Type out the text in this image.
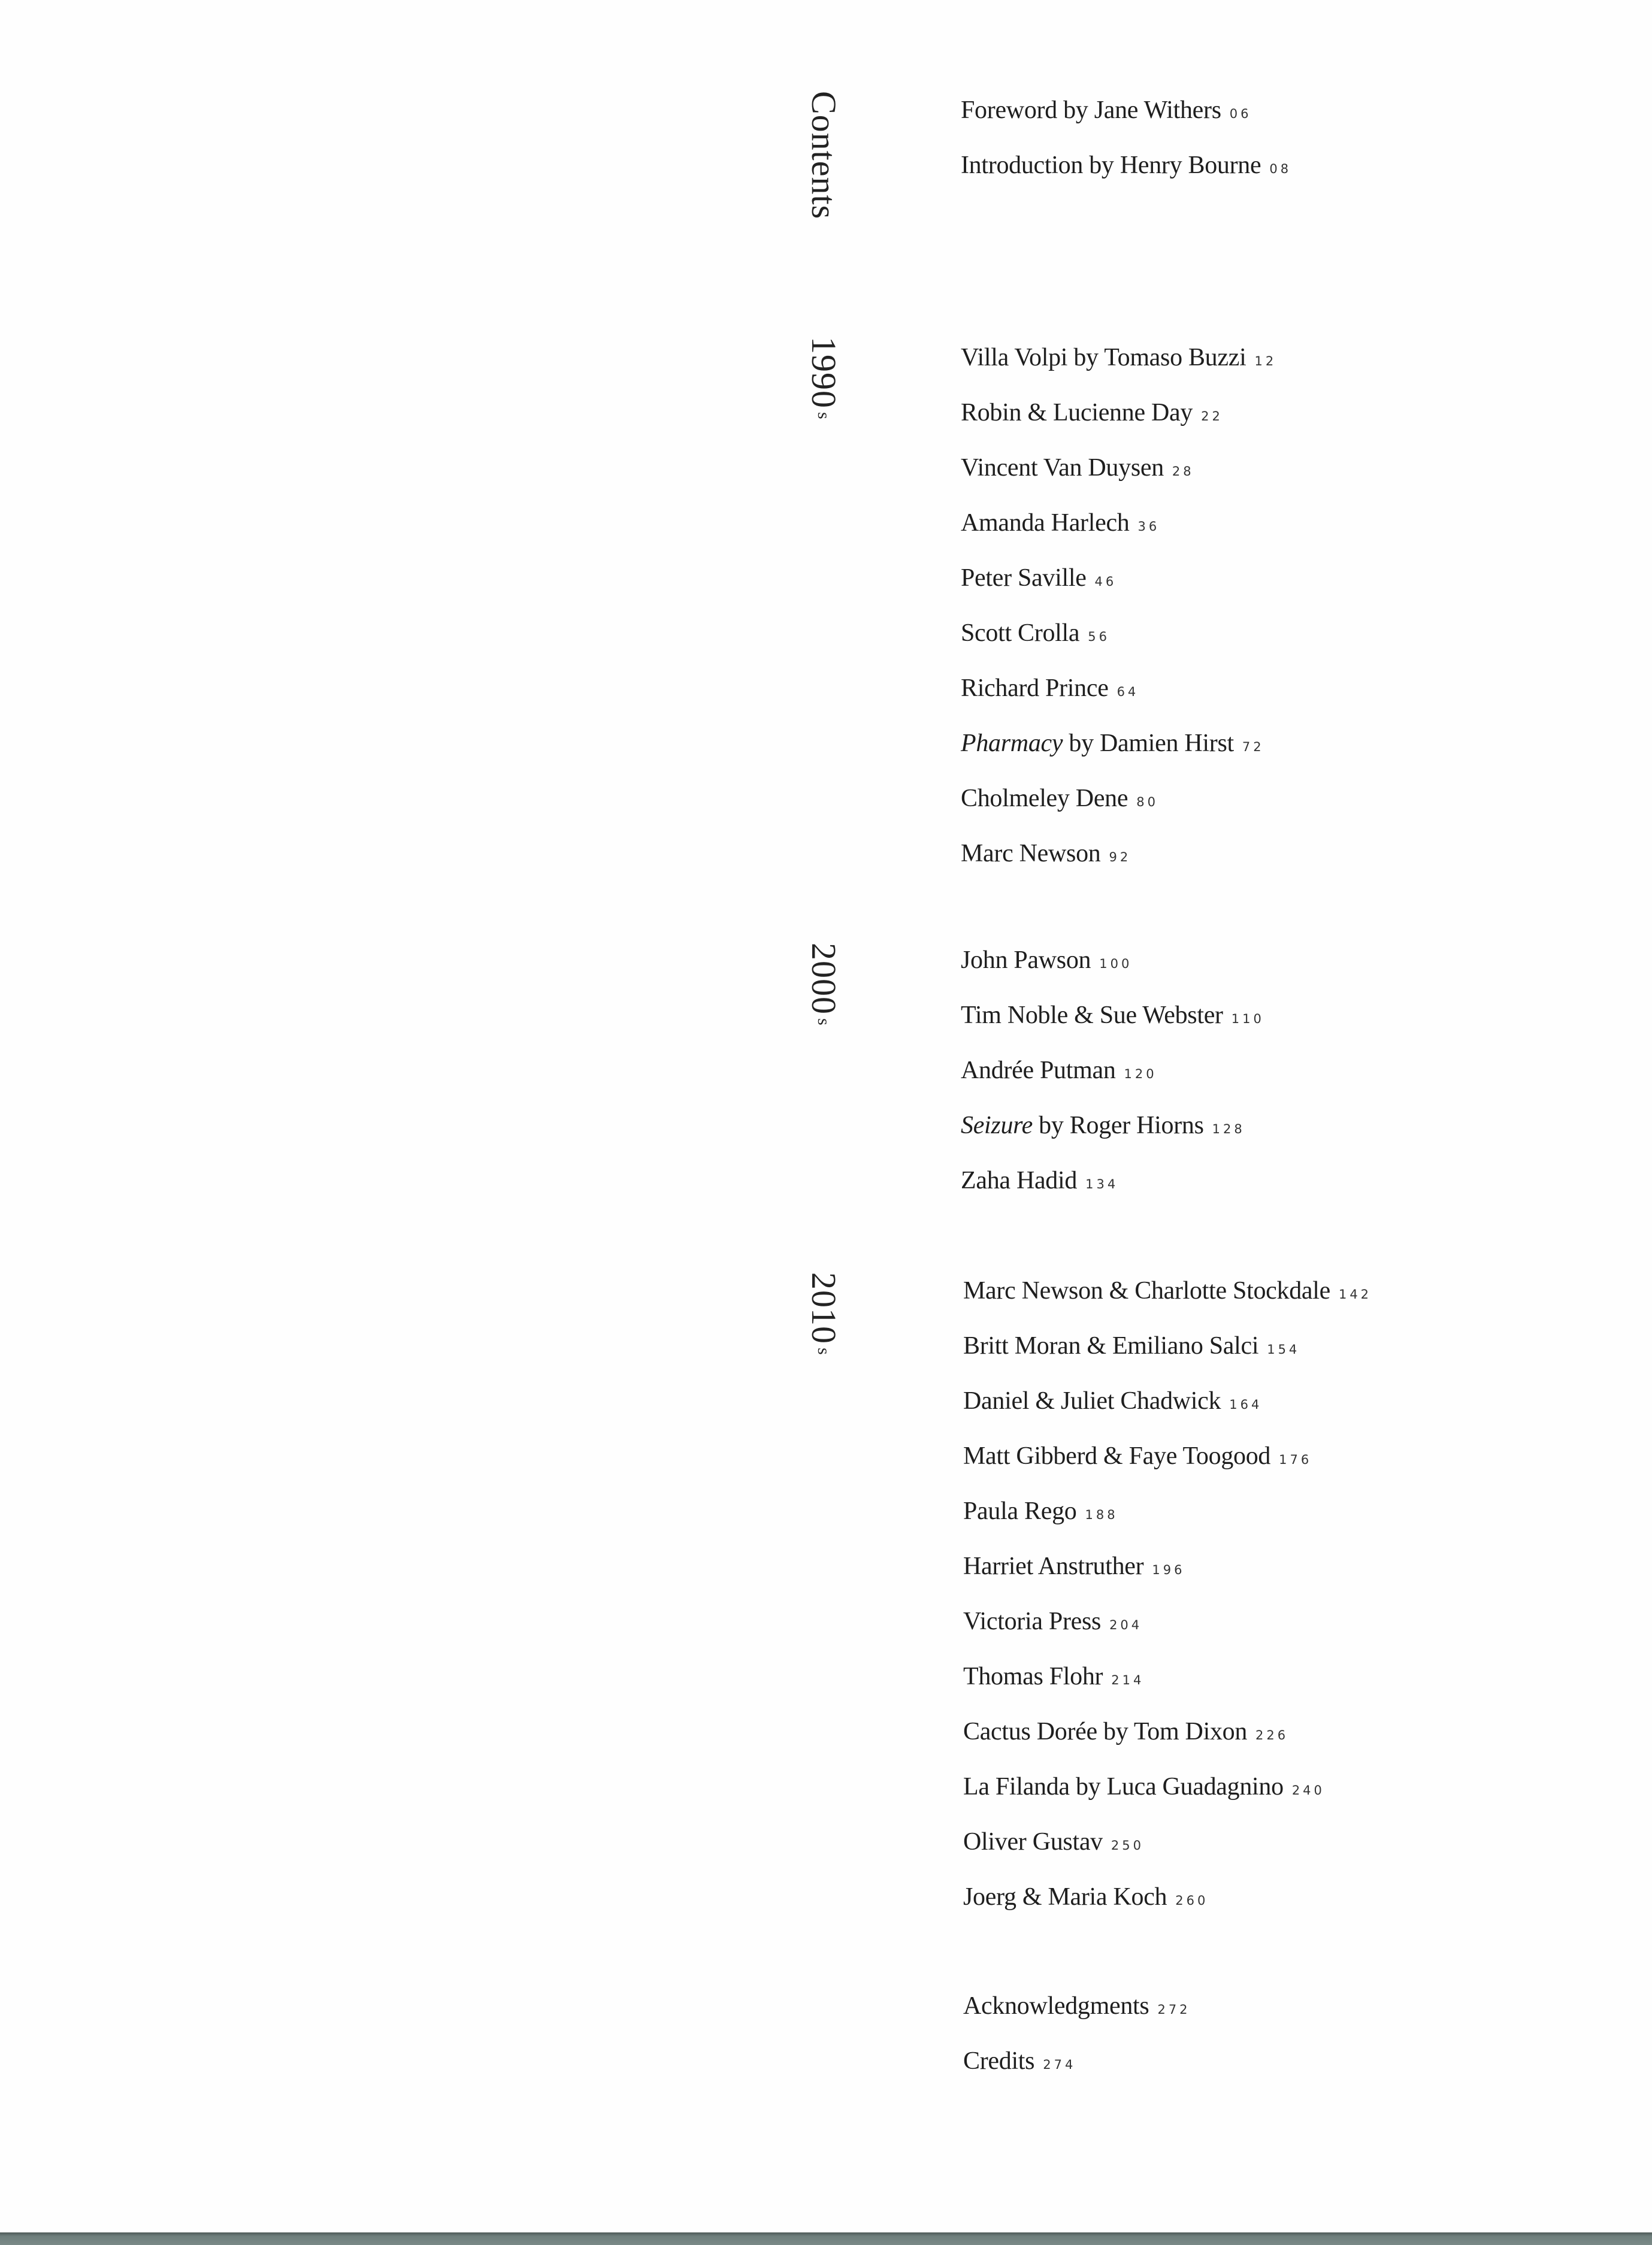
Contents
1990s
2000s
2010s
Foreword by Jane Withers 06
Introduction by Henry Bourne 08
Villa Volpi by Tomaso Buzzi 12
Robin & Lucienne Day 22
Vincent Van Duysen 28
Amanda Harlech 36
Peter Saville 46
Scott Crolla 56
Richard Prince 64
Pharmacy by Damien Hirst 72
Cholmeley Dene 80
Marc Newson 92
John Pawson 100
Tim Noble & Sue Webster 110
Andrée Putman 120
Seizure by Roger Hiorns 128
Zaha Hadid 134
Marc Newson & Charlotte Stockdale 142
Britt Moran & Emiliano Salci 154
Daniel & Juliet Chadwick 164
Matt Gibberd & Faye Toogood 176
Paula Rego 188
Harriet Anstruther 196
Victoria Press 204
Thomas Flohr 214
Cactus Dorée by Tom Dixon 226
La Filanda by Luca Guadagnino 240
Oliver Gustav 250
Joerg & Maria Koch 260
Acknowledgments 272
Credits 274
